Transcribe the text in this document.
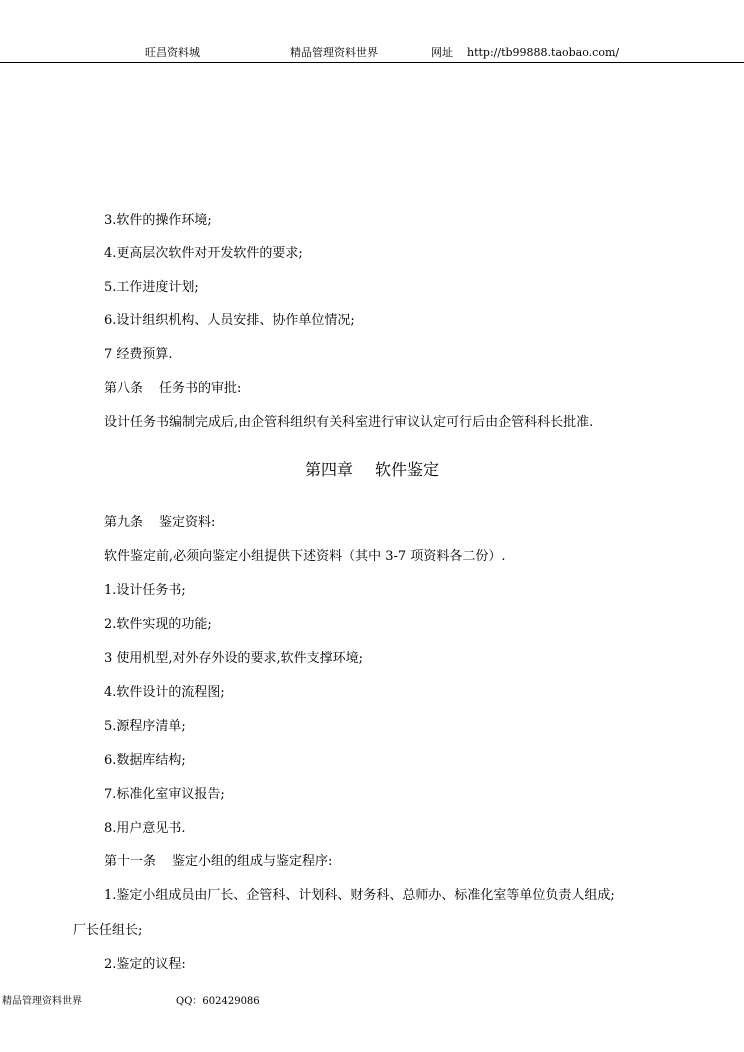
旺昌资料城	精品管理资料世界	网址 http://tb99888.taobao.com/
3.软件的操作环境;
4.更高层次软件对开发软件的要求;
5.工作进度计划;
6.设计组织机构、人员安排、协作单位情况;
7 经费预算.
第八条 任务书的审批:
设计任务书编制完成后,由企管科组织有关科室进行审议认定可行后由企管科科长批准.
第四章 软件鉴定
第九条 鉴定资料:
软件鉴定前,必须向鉴定小组提供下述资料（其中 3-7 项资料各二份）.
1.设计任务书;
2.软件实现的功能;
3 使用机型,对外存外设的要求,软件支撑环境;
4.软件设计的流程图;
5.源程序清单;
6.数据库结构;
7.标准化室审议报告;
8.用户意见书.
第十一条 鉴定小组的组成与鉴定程序:
1.鉴定小组成员由厂长、企管科、计划科、财务科、总师办、标准化室等单位负责人组成;
厂长任组长;
2.鉴定的议程:
精品管理资料世界	QQ：602429086
